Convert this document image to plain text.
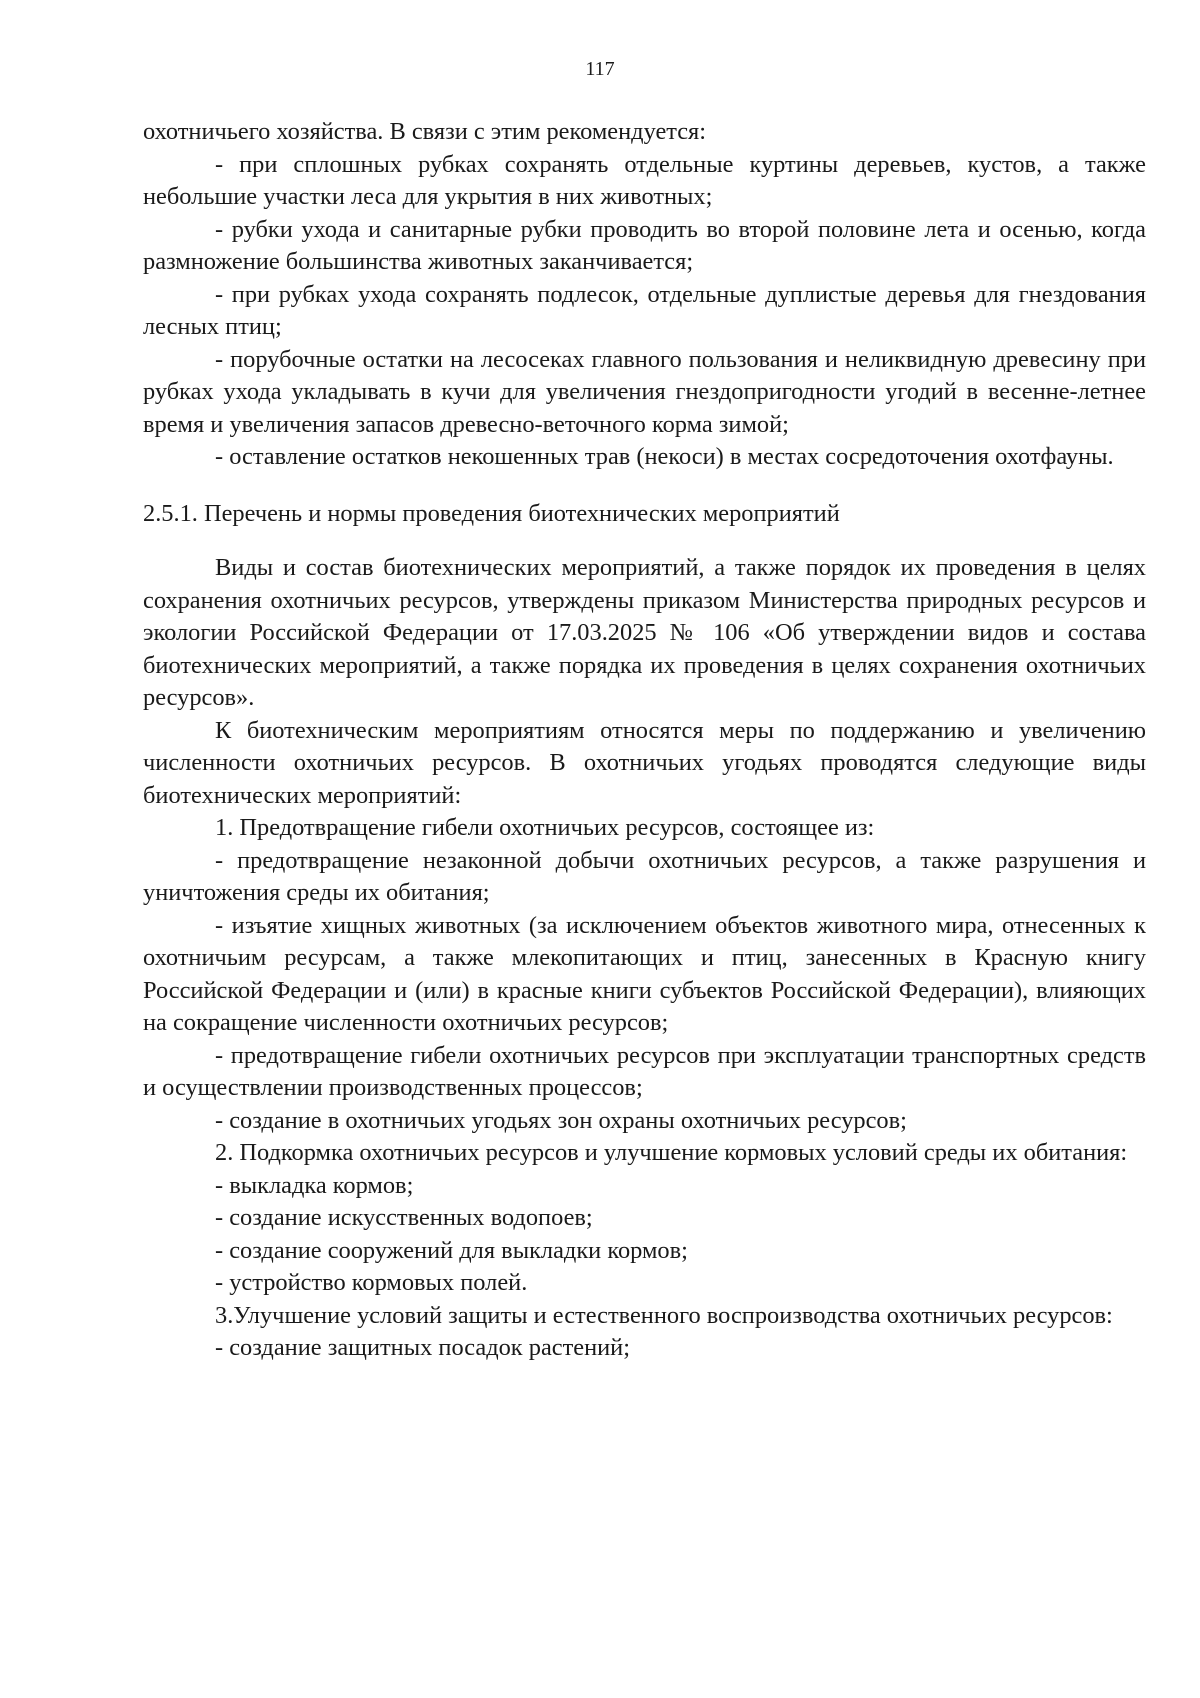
117
охотничьего хозяйства. В связи с этим рекомендуется:
- при сплошных рубках сохранять отдельные куртины деревьев, кустов, а также небольшие участки леса для укрытия в них животных;
- рубки ухода и санитарные рубки проводить во второй половине лета и осенью, когда размножение большинства животных заканчивается;
- при рубках ухода сохранять подлесок, отдельные дуплистые деревья для гнездования лесных птиц;
- порубочные остатки на лесосеках главного пользования и неликвидную древесину при рубках ухода укладывать в кучи для увеличения гнездопригодности угодий в весенне-летнее время и увеличения запасов древесно-веточного корма зимой;
- оставление остатков некошенных трав (некоси) в местах сосредоточения охотфауны.
2.5.1. Перечень и нормы проведения биотехнических мероприятий
Виды и состав биотехнических мероприятий, а также порядок их проведения в целях сохранения охотничьих ресурсов, утверждены приказом Министерства природных ресурсов и экологии Российской Федерации от 17.03.2025 № 106 «Об утверждении видов и состава биотехнических мероприятий, а также порядка их проведения в целях сохранения охотничьих ресурсов».
К биотехническим мероприятиям относятся меры по поддержанию и увеличению численности охотничьих ресурсов. В охотничьих угодьях проводятся следующие виды биотехнических мероприятий:
1. Предотвращение гибели охотничьих ресурсов, состоящее из:
- предотвращение незаконной добычи охотничьих ресурсов, а также разрушения и уничтожения среды их обитания;
- изъятие хищных животных (за исключением объектов животного мира, отнесенных к охотничьим ресурсам, а также млекопитающих и птиц, занесенных в Красную книгу Российской Федерации и (или) в красные книги субъектов Российской Федерации), влияющих на сокращение численности охотничьих ресурсов;
- предотвращение гибели охотничьих ресурсов при эксплуатации транспортных средств и осуществлении производственных процессов;
- создание в охотничьих угодьях зон охраны охотничьих ресурсов;
2. Подкормка охотничьих ресурсов и улучшение кормовых условий среды их обитания:
- выкладка кормов;
- создание искусственных водопоев;
- создание сооружений для выкладки кормов;
- устройство кормовых полей.
3.Улучшение условий защиты и естественного воспроизводства охотничьих ресурсов:
- создание защитных посадок растений;
